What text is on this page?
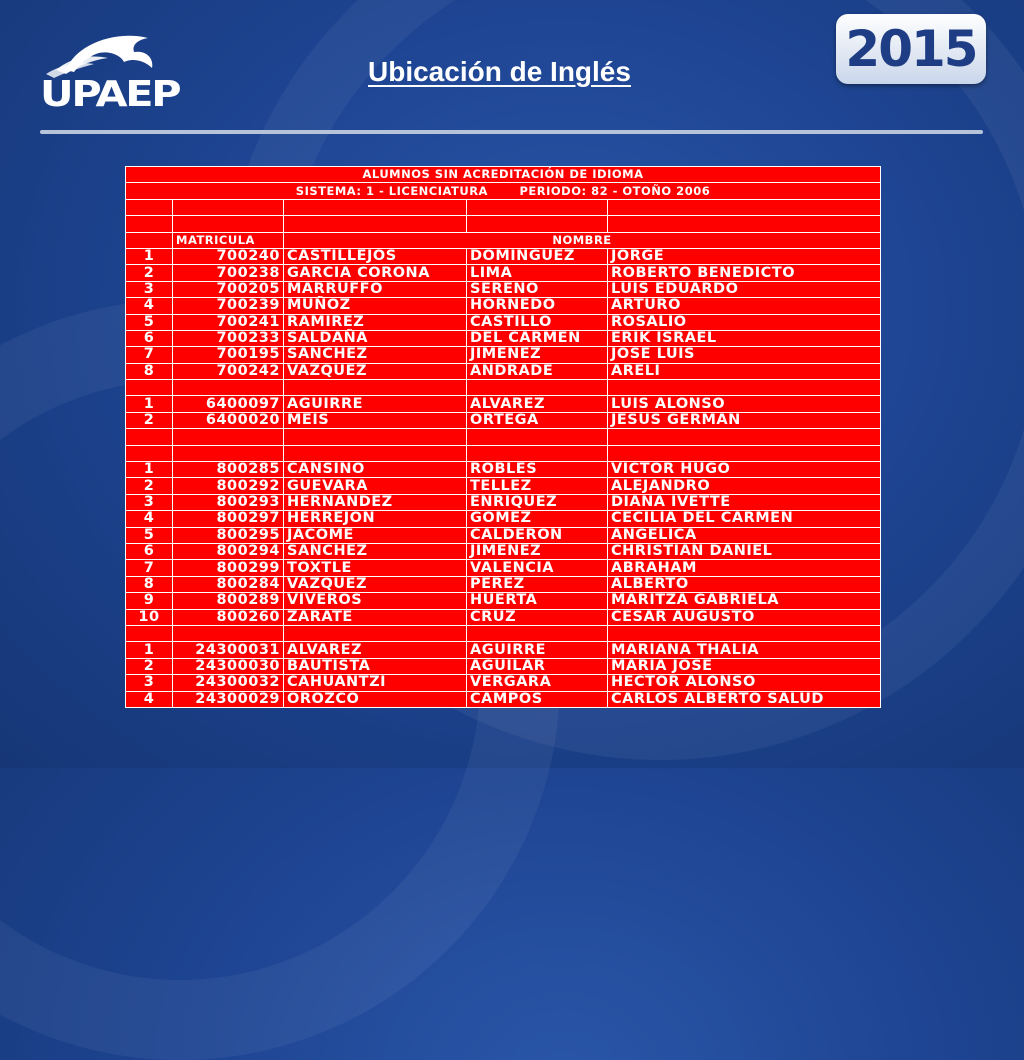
UPAEP
2015
Ubicación de Inglés
ALUMNOS SIN ACREDITACIÓN DE IDIOMA				
SISTEMA: 1 - LICENCIATURA       PERIODO: 82 - OTOÑO 2006				

	MATRICULA	NOMBRE		
1	700240	CASTILLEJOS	DOMINGUEZ	JORGE
2	700238	GARCIA CORONA	LIMA	ROBERTO BENEDICTO
3	700205	MARRUFFO	SERENO	LUIS EDUARDO
4	700239	MUÑOZ	HORNEDO	ARTURO
5	700241	RAMIREZ	CASTILLO	ROSALIO
6	700233	SALDAÑA	DEL CARMEN	ERIK ISRAEL
7	700195	SANCHEZ	JIMENEZ	JOSE LUIS
8	700242	VAZQUEZ	ANDRADE	ARELI

1	6400097	AGUIRRE	ALVAREZ	LUIS ALONSO
2	6400020	MEIS	ORTEGA	JESUS GERMAN

1	800285	CANSINO	ROBLES	VICTOR HUGO
2	800292	GUEVARA	TELLEZ	ALEJANDRO
3	800293	HERNANDEZ	ENRIQUEZ	DIANA IVETTE
4	800297	HERREJON	GOMEZ	CECILIA DEL CARMEN
5	800295	JACOME	CALDERON	ANGELICA
6	800294	SANCHEZ	JIMENEZ	CHRISTIAN DANIEL
7	800299	TOXTLE	VALENCIA	ABRAHAM
8	800284	VAZQUEZ	PEREZ	ALBERTO
9	800289	VIVEROS	HUERTA	MARITZA GABRIELA
10	800260	ZARATE	CRUZ	CESAR AUGUSTO

1	24300031	ALVAREZ	AGUIRRE	MARIANA THALIA
2	24300030	BAUTISTA	AGUILAR	MARIA JOSE
3	24300032	CAHUANTZI	VERGARA	HECTOR ALONSO
4	24300029	OROZCO	CAMPOS	CARLOS ALBERTO SALUD
